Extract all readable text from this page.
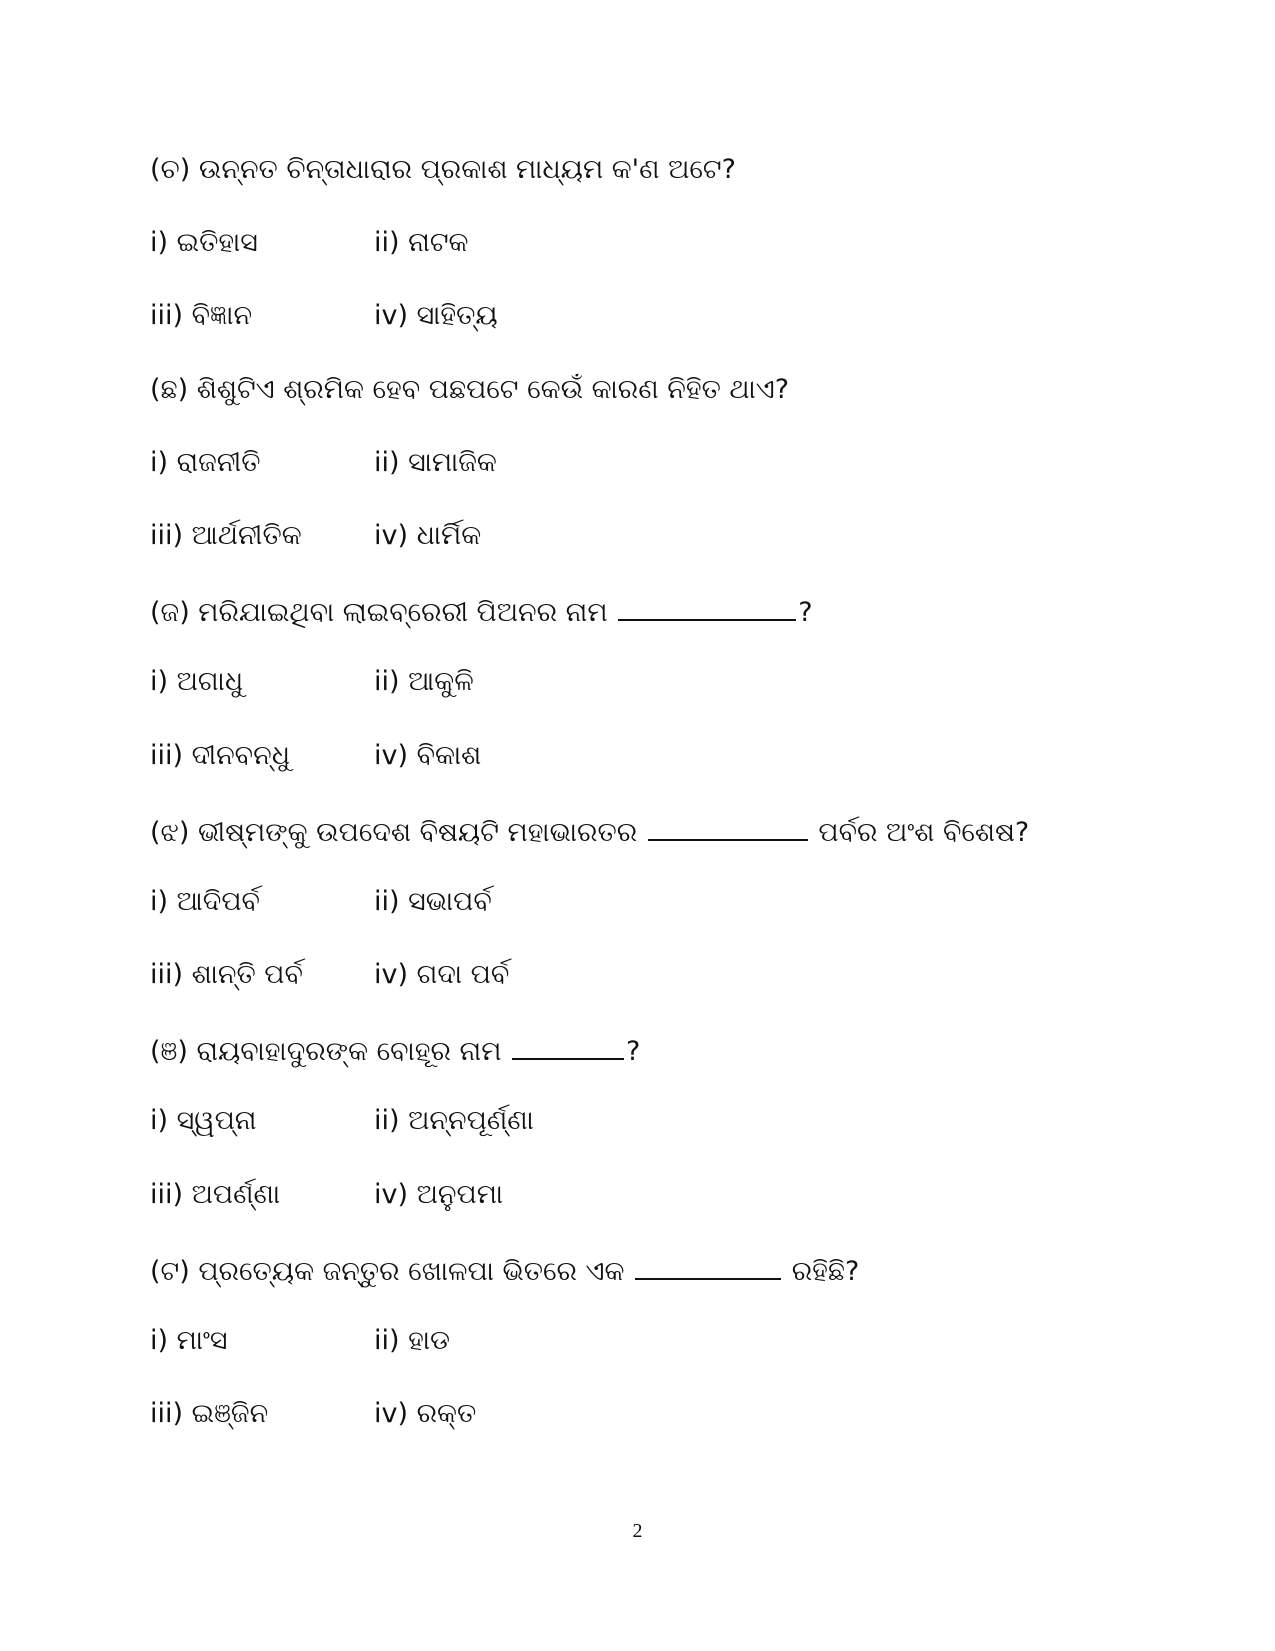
(ଚ) ଉନ୍ନତ ଚିନ୍ତାଧାରାର ପ୍ରକାଶ ମାଧ୍ୟମ କ'ଣ ଅଟେ?
i) ଇତିହାସ	ii) ନାଟକ
iii) ବିଜ୍ଞାନ	iv) ସାହିତ୍ୟ
(ଛ) ଶିଶୁଟିଏ ଶ୍ରମିକ ହେବ ପଛପଟେ କେଉଁ କାରଣ ନିହିତ ଥାଏ?
i) ରାଜନୀତି	ii) ସାମାଜିକ
iii) ଆର୍ଥନୀତିକ	iv) ଧାର୍ମିକ
(ଜ) ମରିଯାଇଥିବା ଲାଇବ୍ରେରୀ ପିଅନର ନାମ	?
i) ଅଗାଧୁ	ii) ଆକୁଳି
iii) ଦୀନବନ୍ଧୁ	iv) ବିକାଶ
(ଝ) ଭୀଷ୍ମଙ୍କୁ ଉପଦେଶ ବିଷୟଟି ମହାଭାରତର	ପର୍ବର ଅଂଶ ବିଶେଷ?
i) ଆଦିପର୍ବ	ii) ସଭାପର୍ବ
iii) ଶାନ୍ତି ପର୍ବ	iv) ଗଦା ପର୍ବ
(ଞ) ରାୟବାହାଦୁରଙ୍କ ବୋହୂର ନାମ	?
i) ସ୍ୱପ୍ନା	ii) ଅନ୍ନପୂର୍ଣ୍ଣା
iii) ଅପର୍ଣ୍ଣା	iv) ଅନୁପମା
(ଟ) ପ୍ରତ୍ୟେକ ଜନ୍ତୁର ଖୋଳପା ଭିତରେ ଏକ	ରହିଛି?
i) ମାଂସ	ii) ହାଡ
iii) ଇଞ୍ଜିନ	iv) ରକ୍ତ
2
